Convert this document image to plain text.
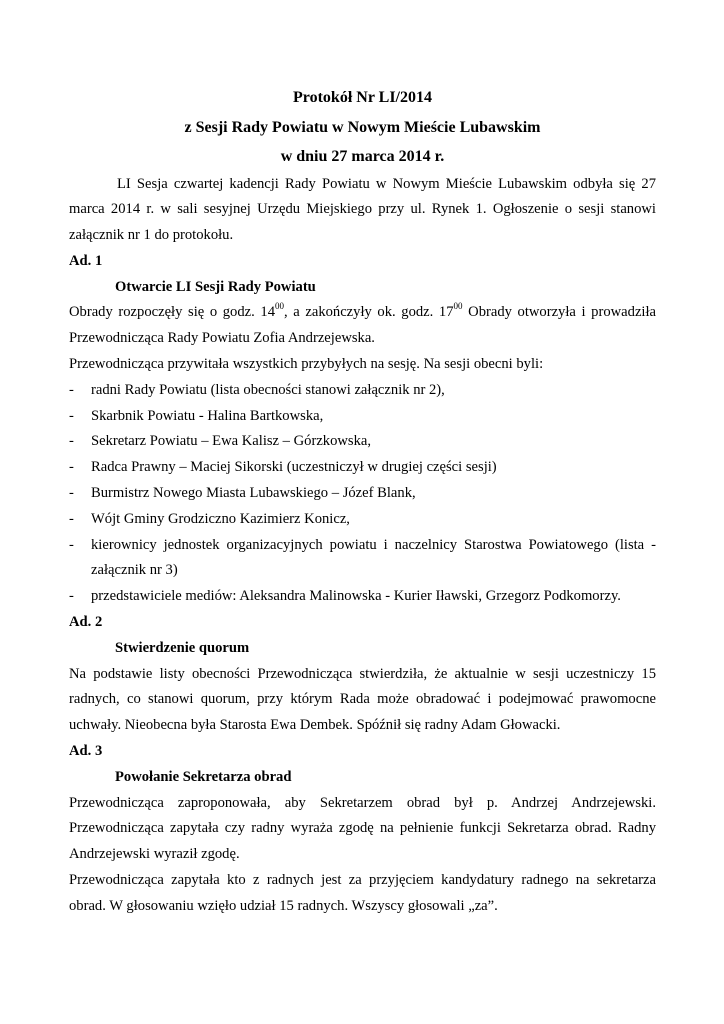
Protokół Nr LI/2014
z Sesji Rady Powiatu w Nowym Mieście Lubawskim
w dniu 27 marca 2014 r.

LI Sesja czwartej kadencji Rady Powiatu w Nowym Mieście Lubawskim odbyła się 27 marca 2014 r. w sali sesyjnej Urzędu Miejskiego przy ul. Rynek 1. Ogłoszenie o sesji stanowi załącznik nr 1 do protokołu.

Ad. 1

Otwarcie LI Sesji Rady Powiatu

Obrady rozpoczęły się o godz. $14^{00}$, a zakończyły ok. godz. $17^{00}$ Obrady otworzyła i prowadziła Przewodnicząca Rady Powiatu Zofia Andrzejewska.

Przewodnicząca przywitała wszystkich przybyłych na sesję. Na sesji obecni byli:

- radni Rady Powiatu (lista obecności stanowi załącznik nr 2),
- Skarbnik Powiatu - Halina Bartkowska,
- Sekretarz Powiatu – Ewa Kalisz – Górzkowska,
- Radca Prawny – Maciej Sikorski (uczestniczył w drugiej części sesji)
- Burmistrz Nowego Miasta Lubawskiego – Józef Blank,
- Wójt Gminy Grodziczno Kazimierz Konicz,
- kierownicy jednostek organizacyjnych powiatu i naczelnicy Starostwa Powiatowego (lista - załącznik nr 3)
- przedstawiciele mediów: Aleksandra Malinowska - Kurier Iławski, Grzegorz Podkomorzy.

Ad. 2

Stwierdzenie quorum

Na podstawie listy obecności Przewodnicząca stwierdziła, że aktualnie w sesji uczestniczy 15 radnych, co stanowi quorum, przy którym Rada może obradować i podejmować prawomocne uchwały. Nieobecna była Starosta Ewa Dembek. Spóźnił się radny Adam Głowacki.

Ad. 3

Powołanie Sekretarza obrad

Przewodnicząca zaproponowała, aby Sekretarzem obrad był p. Andrzej Andrzejewski. Przewodnicząca zapytała czy radny wyraża zgodę na pełnienie funkcji Sekretarza obrad. Radny Andrzejewski wyraził zgodę.

Przewodnicząca zapytała kto z radnych jest za przyjęciem kandydatury radnego na sekretarza obrad. W głosowaniu wzięło udział 15 radnych. Wszyscy głosowali „za”.
